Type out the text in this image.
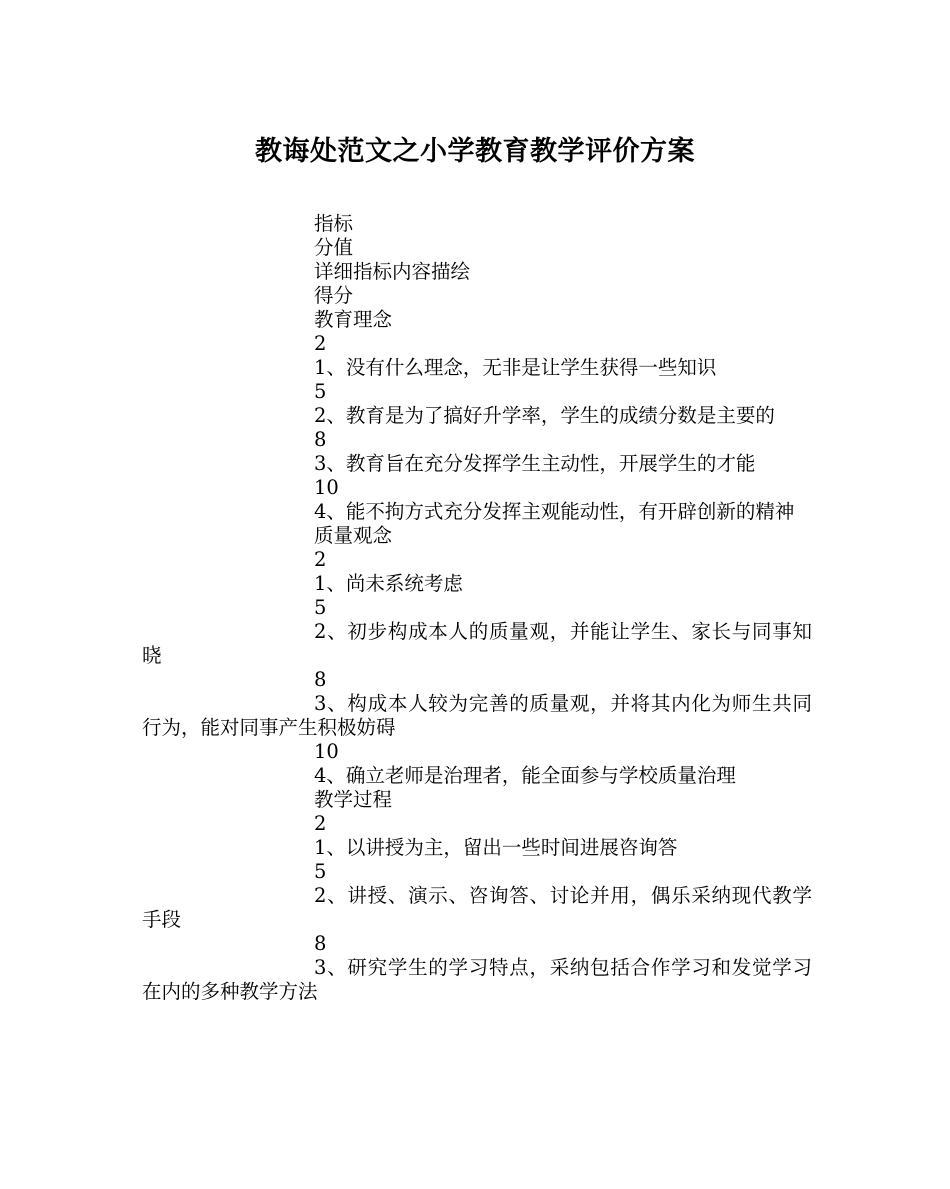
教诲处范文之小学教育教学评价方案
指标
分值
详细指标内容描绘
得分
教育理念
2
1、没有什么理念，无非是让学生获得一些知识
5
2、教育是为了搞好升学率，学生的成绩分数是主要的
8
3、教育旨在充分发挥学生主动性，开展学生的才能
10
4、能不拘方式充分发挥主观能动性，有开辟创新的精神
质量观念
2
1、尚未系统考虑
5
2、初步构成本人的质量观，并能让学生、家长与同事知晓
8
3、构成本人较为完善的质量观，并将其内化为师生共同行为，能对同事产生积极妨碍
10
4、确立老师是治理者，能全面参与学校质量治理
教学过程
2
1、以讲授为主，留出一些时间进展咨询答
5
2、讲授、演示、咨询答、讨论并用，偶乐采纳现代教学手段
8
3、研究学生的学习特点，采纳包括合作学习和发觉学习在内的多种教学方法
